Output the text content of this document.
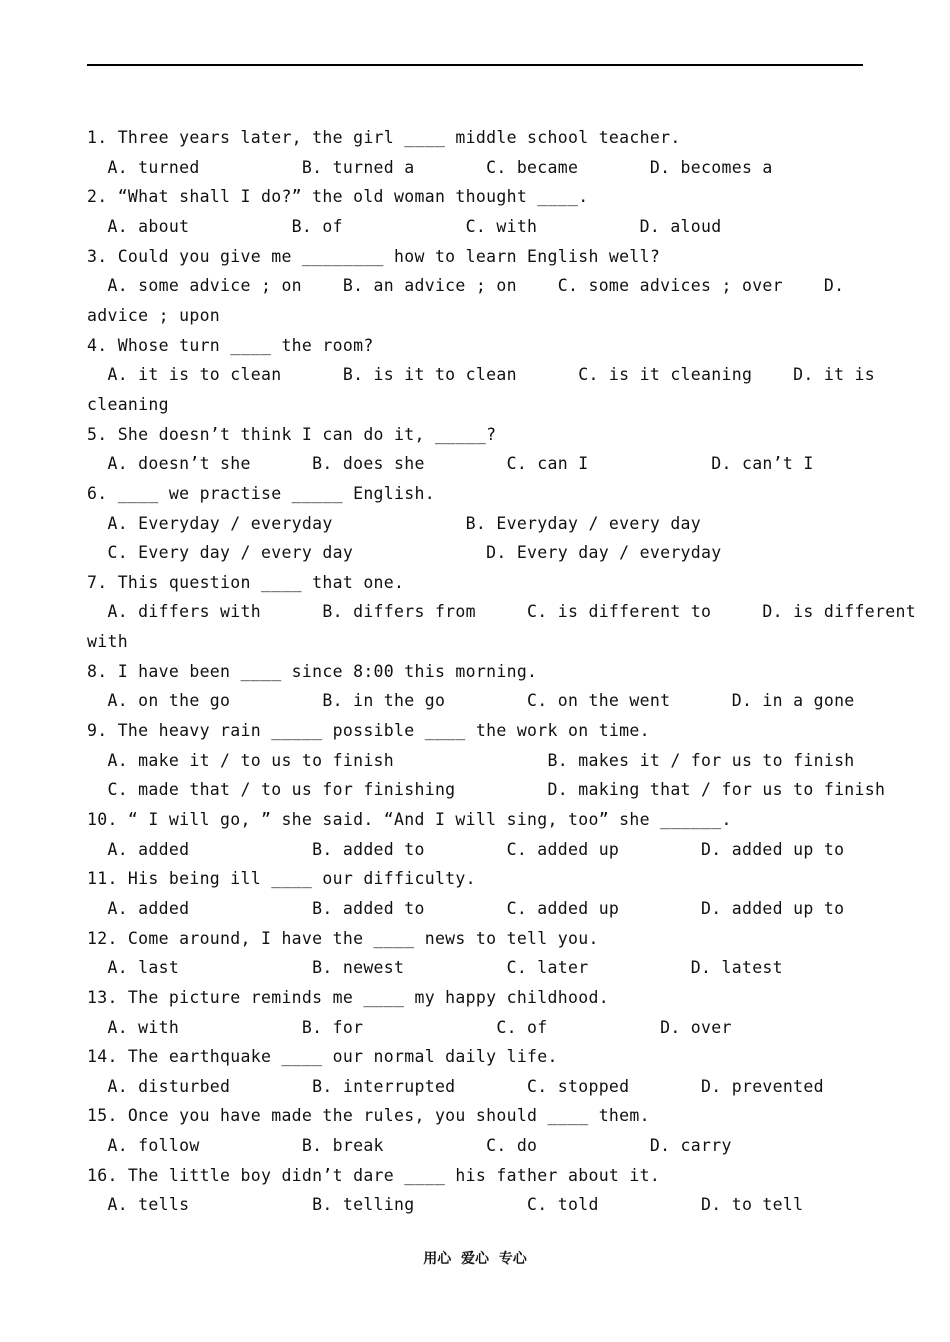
1. Three years later, the girl ____ middle school teacher.
A. turned          B. turned a       C. became       D. becomes a
2. “What shall I do?” the old woman thought ____.
A. about          B. of            C. with          D. aloud
3. Could you give me ________ how to learn English well?
A. some advice ; on    B. an advice ; on    C. some advices ; over    D.
advice ; upon
4. Whose turn ____ the room?
A. it is to clean      B. is it to clean      C. is it cleaning    D. it is
cleaning
5. She doesn’t think I can do it, _____?
A. doesn’t she      B. does she        C. can I            D. can’t I
6. ____ we practise _____ English.
A. Everyday / everyday             B. Everyday / every day
C. Every day / every day             D. Every day / everyday
7. This question ____ that one.
A. differs with      B. differs from     C. is different to     D. is different
with
8. I have been ____ since 8:00 this morning.
A. on the go         B. in the go        C. on the went      D. in a gone
9. The heavy rain _____ possible ____ the work on time.
A. make it / to us to finish               B. makes it / for us to finish
C. made that / to us for finishing         D. making that / for us to finish
10. “ I will go, ” she said. “And I will sing, too” she ______.
A. added            B. added to        C. added up        D. added up to
11. His being ill ____ our difficulty.
A. added            B. added to        C. added up        D. added up to
12. Come around, I have the ____ news to tell you.
A. last             B. newest          C. later          D. latest
13. The picture reminds me ____ my happy childhood.
A. with            B. for             C. of           D. over
14. The earthquake ____ our normal daily life.
A. disturbed        B. interrupted       C. stopped       D. prevented
15. Once you have made the rules, you should ____ them.
A. follow          B. break          C. do           D. carry
16. The little boy didn’t dare ____ his father about it.
A. tells            B. telling           C. told          D. to tell
用心  爱心  专心
